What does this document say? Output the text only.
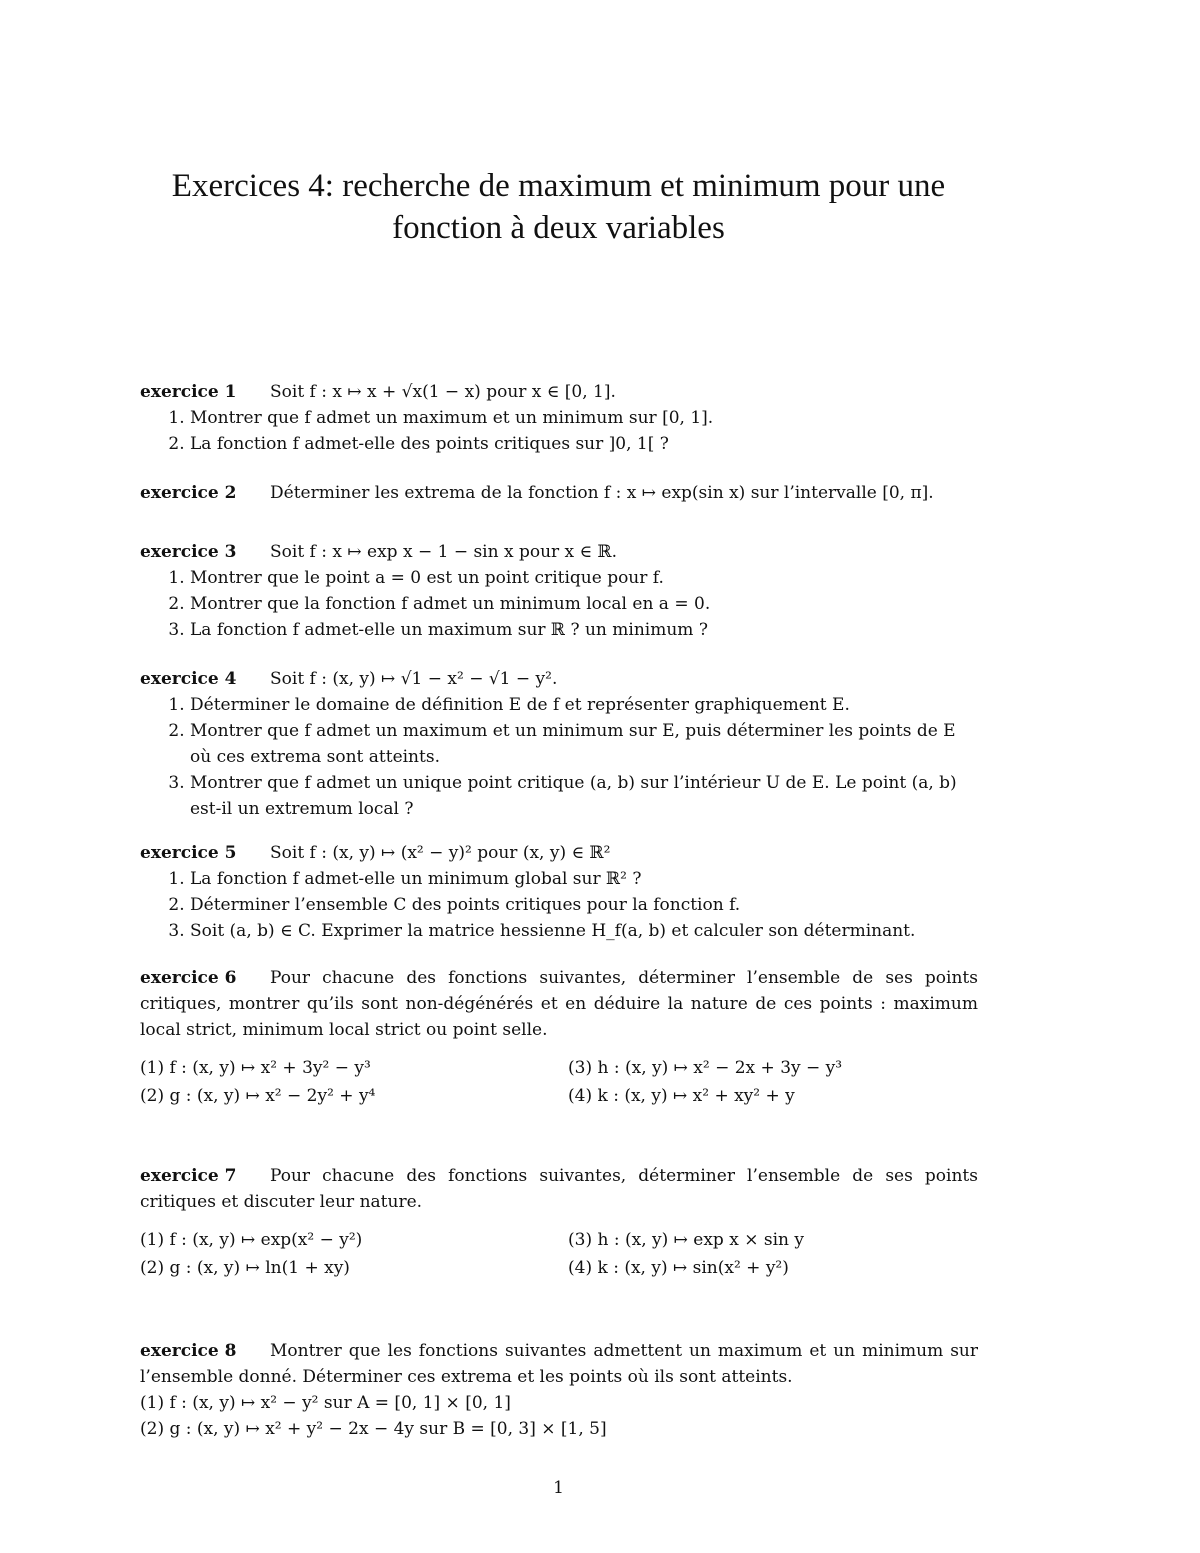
Exercices 4: recherche de maximum et minimum pour une
fonction à deux variables
exercice 1 Soit f : x ↦ x + √x(1 − x) pour x ∈ [0, 1].
1. Montrer que f admet un maximum et un minimum sur [0, 1].
2. La fonction f admet-elle des points critiques sur ]0, 1[ ?
exercice 2 Déterminer les extrema de la fonction f : x ↦ exp(sin x) sur l’intervalle [0, π].
exercice 3 Soit f : x ↦ exp x − 1 − sin x pour x ∈ ℝ.
1. Montrer que le point a = 0 est un point critique pour f.
2. Montrer que la fonction f admet un minimum local en a = 0.
3. La fonction f admet-elle un maximum sur ℝ ? un minimum ?
exercice 4 Soit f : (x, y) ↦ √1 − x² − √1 − y².
1. Déterminer le domaine de définition E de f et représenter graphiquement E.
2. Montrer que f admet un maximum et un minimum sur E, puis déterminer les points de E où ces extrema sont atteints.
3. Montrer que f admet un unique point critique (a, b) sur l’intérieur U de E. Le point (a, b) est-il un extremum local ?
exercice 5 Soit f : (x, y) ↦ (x² − y)² pour (x, y) ∈ ℝ²
1. La fonction f admet-elle un minimum global sur ℝ² ?
2. Déterminer l’ensemble C des points critiques pour la fonction f.
3. Soit (a, b) ∈ C. Exprimer la matrice hessienne H_f(a, b) et calculer son déterminant.
exercice 6 Pour chacune des fonctions suivantes, déterminer l’ensemble de ses points critiques, montrer qu’ils sont non-dégénérés et en déduire la nature de ces points : maximum local strict, minimum local strict ou point selle.
(1) f : (x, y) ↦ x² + 3y² − y³	(3) h : (x, y) ↦ x² − 2x + 3y − y³
(2) g : (x, y) ↦ x² − 2y² + y⁴	(4) k : (x, y) ↦ x² + xy² + y
exercice 7 Pour chacune des fonctions suivantes, déterminer l’ensemble de ses points critiques et discuter leur nature.
(1) f : (x, y) ↦ exp(x² − y²)	(3) h : (x, y) ↦ exp x × sin y
(2) g : (x, y) ↦ ln(1 + xy)	(4) k : (x, y) ↦ sin(x² + y²)
exercice 8 Montrer que les fonctions suivantes admettent un maximum et un minimum sur l’ensemble donné. Déterminer ces extrema et les points où ils sont atteints.
(1) f : (x, y) ↦ x² − y² sur A = [0, 1] × [0, 1]
(2) g : (x, y) ↦ x² + y² − 2x − 4y sur B = [0, 3] × [1, 5]
1
